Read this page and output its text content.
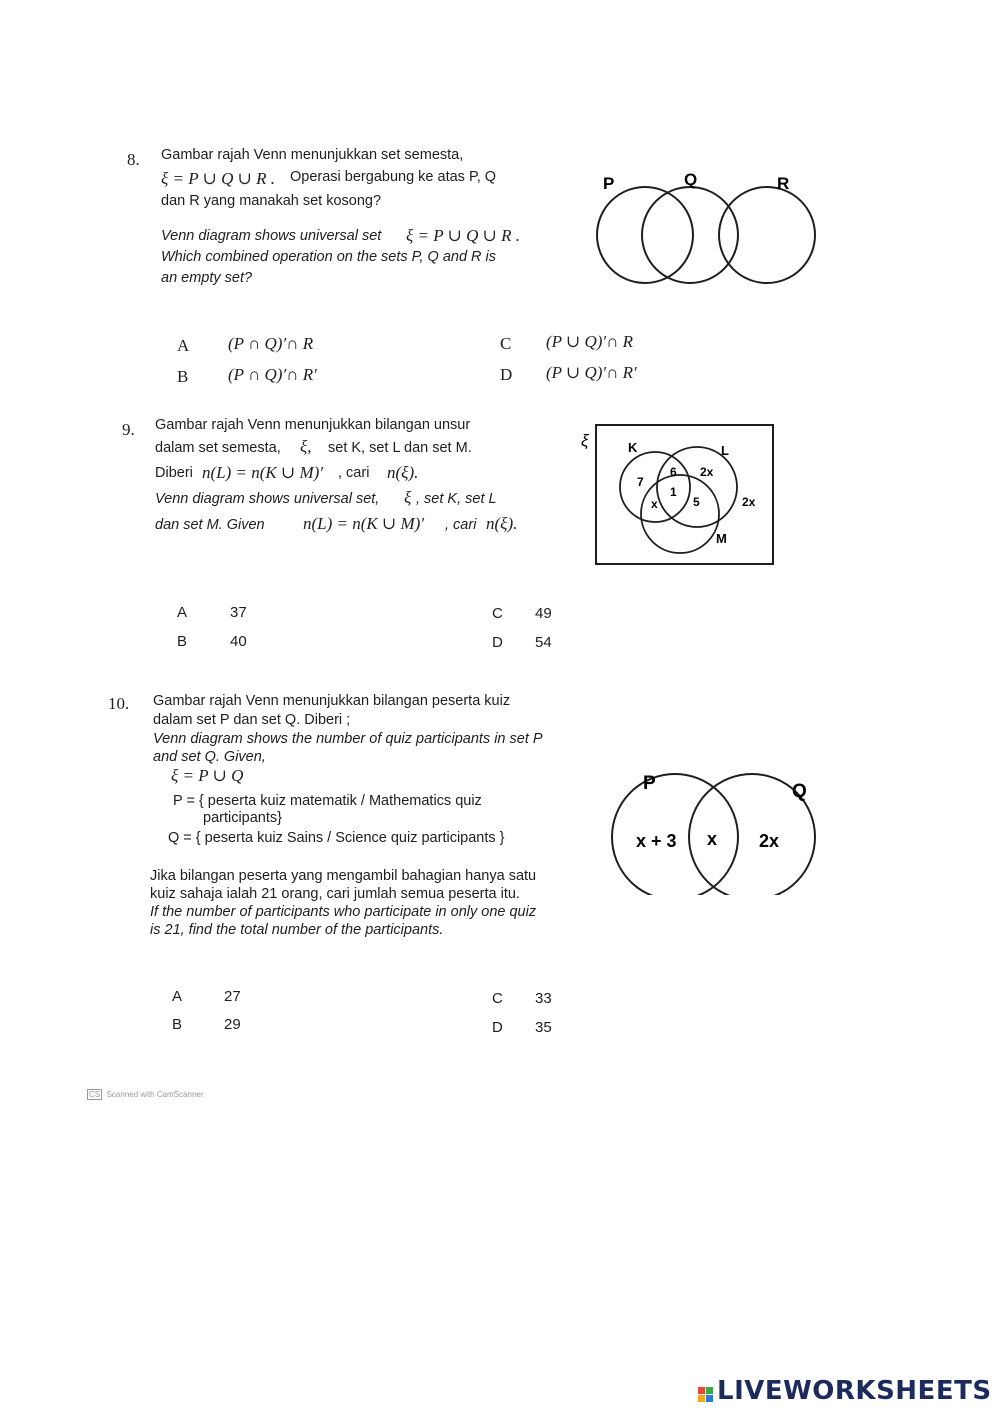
8. Gambar rajah Venn menunjukkan set semesta,
ξ = P ∪ Q ∪ R . Operasi bergabung ke atas P, Q
dan R yang manakah set kosong?
Venn diagram shows universal set ξ = P ∪ Q ∪ R .
Which combined operation on the sets P, Q and R is
an empty set?
P	Q	R
A (P ∩ Q)′∩ R
B (P ∩ Q)′∩ R′
C (P ∪ Q)′∩ R
D (P ∪ Q)′∩ R′
9. Gambar rajah Venn menunjukkan bilangan unsur
dalam set semesta, ξ, set K, set L dan set M.
Diberi n(L) = n(K ∪ M)′ , cari n(ξ).
Venn diagram shows universal set, ξ , set K, set L
dan set M. Given n(L) = n(K ∪ M)′ , cari n(ξ).
ξ	K	L
M
7
6 2x
1
x	5	2x
A	37
B	40
C 49
D 54
10. Gambar rajah Venn menunjukkan bilangan peserta kuiz
dalam set P dan set Q. Diberi ;
Venn diagram shows the number of quiz participants in set P
and set Q. Given,
ξ = P ∪ Q
P = { peserta kuiz matematik / Mathematics quiz
participants}
Q = { peserta kuiz Sains / Science quiz participants }
Jika bilangan peserta yang mengambil bahagian hanya satu
kuiz sahaja ialah 21 orang, cari jumlah semua peserta itu.
If the number of participants who participate in only one quiz
is 21, find the total number of the participants.
P	Q
x + 3 x 2x
A	27
B	29
C 33
D 35
CS Scanned with CamScanner
LIVEWORKSHEETS
